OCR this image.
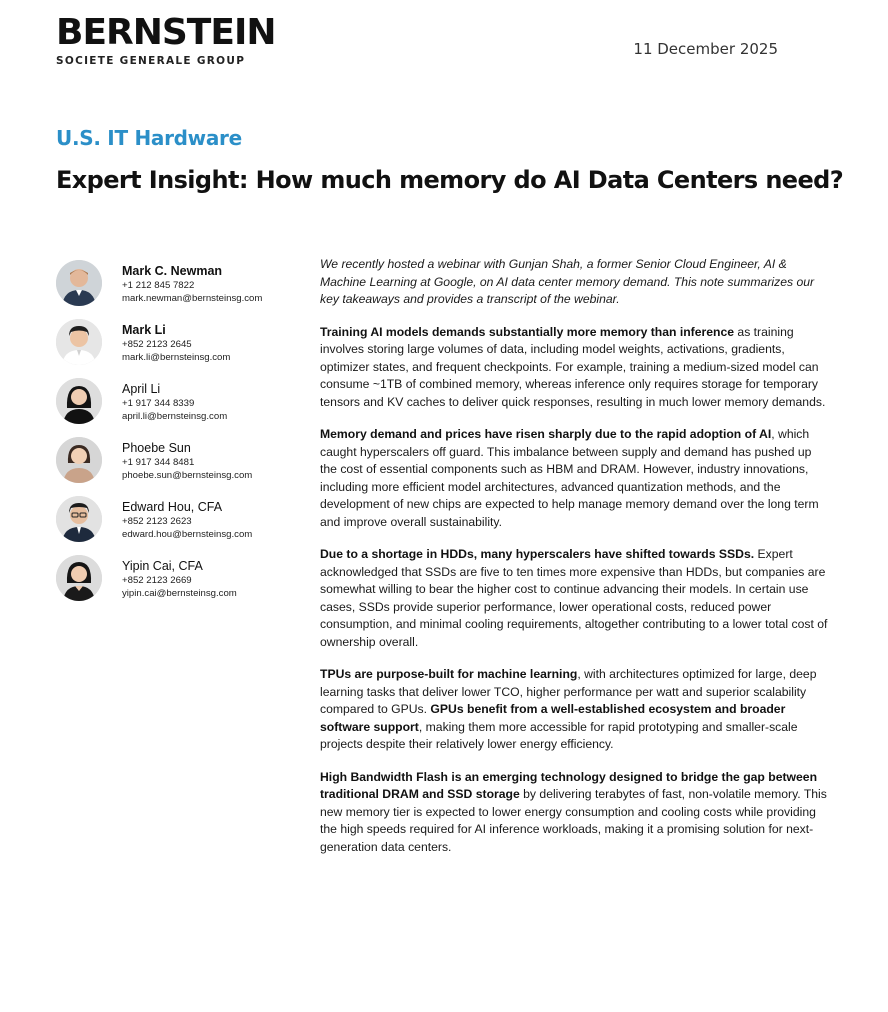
BERNSTEIN
SOCIETE GENERALE GROUP
11 December 2025
U.S. IT Hardware
Expert Insight: How much memory do AI Data Centers need?
Mark C. Newman
+1 212 845 7822
mark.newman@bernsteinsg.com
Mark Li
+852 2123 2645
mark.li@bernsteinsg.com
April Li
+1 917 344 8339
april.li@bernsteinsg.com
Phoebe Sun
+1 917 344 8481
phoebe.sun@bernsteinsg.com
Edward Hou, CFA
+852 2123 2623
edward.hou@bernsteinsg.com
Yipin Cai, CFA
+852 2123 2669
yipin.cai@bernsteinsg.com

We recently hosted a webinar with Gunjan Shah, a former Senior Cloud Engineer, AI & Machine Learning at Google, on AI data center memory demand. This note summarizes our key takeaways and provides a transcript of the webinar.

Training AI models demands substantially more memory than inference as training involves storing large volumes of data, including model weights, activations, gradients, optimizer states, and frequent checkpoints. For example, training a medium-sized model can consume ~1TB of combined memory, whereas inference only requires storage for temporary tensors and KV caches to deliver quick responses, resulting in much lower memory demands.

Memory demand and prices have risen sharply due to the rapid adoption of AI, which caught hyperscalers off guard. This imbalance between supply and demand has pushed up the cost of essential components such as HBM and DRAM. However, industry innovations, including more efficient model architectures, advanced quantization methods, and the development of new chips are expected to help manage memory demand over the long term and improve overall sustainability.

Due to a shortage in HDDs, many hyperscalers have shifted towards SSDs. Expert acknowledged that SSDs are five to ten times more expensive than HDDs, but companies are somewhat willing to bear the higher cost to continue advancing their models. In certain use cases, SSDs provide superior performance, lower operational costs, reduced power consumption, and minimal cooling requirements, altogether contributing to a lower total cost of ownership overall.

TPUs are purpose-built for machine learning, with architectures optimized for large, deep learning tasks that deliver lower TCO, higher performance per watt and superior scalability compared to GPUs. GPUs benefit from a well-established ecosystem and broader software support, making them more accessible for rapid prototyping and smaller-scale projects despite their relatively lower energy efficiency.

High Bandwidth Flash is an emerging technology designed to bridge the gap between traditional DRAM and SSD storage by delivering terabytes of fast, non-volatile memory. This new memory tier is expected to lower energy consumption and cooling costs while providing the high speeds required for AI inference workloads, making it a promising solution for next-generation data centers.
